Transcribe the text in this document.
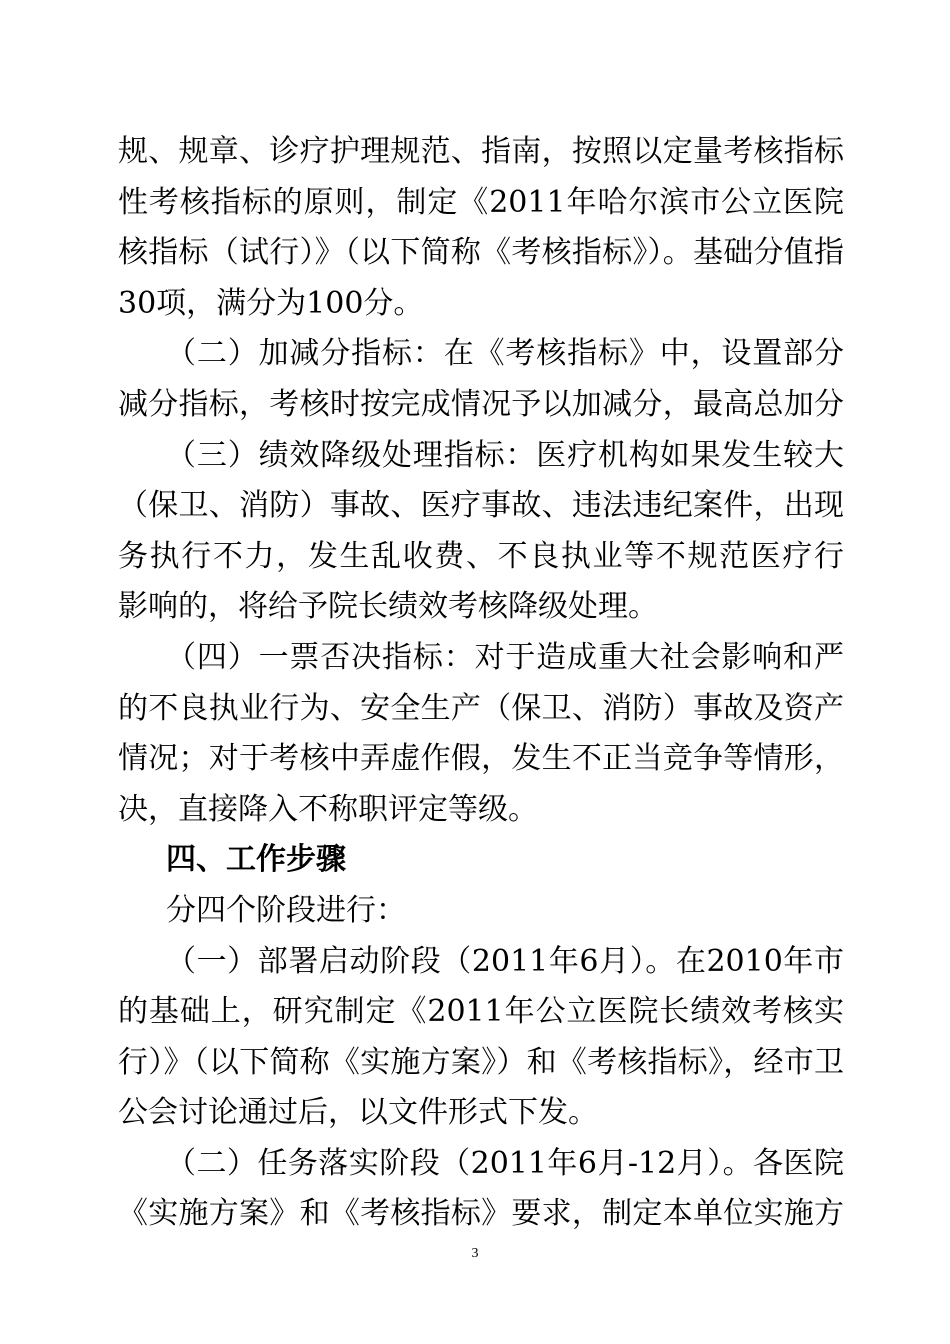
规、规章、诊疗护理规范、指南，按照以定量考核指标
性考核指标的原则，制定《2011年哈尔滨市公立医院
核指标（试行）》（以下简称《考核指标》）。基础分值指
30项，满分为100分。
（二）加减分指标：在《考核指标》中，设置部分
减分指标，考核时按完成情况予以加减分，最高总加分
（三）绩效降级处理指标：医疗机构如果发生较大
（保卫、消防）事故、医疗事故、违法违纪案件，出现
务执行不力，发生乱收费、不良执业等不规范医疗行
影响的，将给予院长绩效考核降级处理。
（四）一票否决指标：对于造成重大社会影响和严
的不良执业行为、安全生产（保卫、消防）事故及资产
情况；对于考核中弄虚作假，发生不正当竞争等情形，
决，直接降入不称职评定等级。
四、工作步骤
分四个阶段进行：
（一）部署启动阶段（2011年6月）。在2010年市
的基础上，研究制定《2011年公立医院长绩效考核实
行）》（以下简称《实施方案》）和《考核指标》，经市卫
公会讨论通过后，以文件形式下发。
（二）任务落实阶段（2011年6月-12月）。各医院
《实施方案》和《考核指标》要求，制定本单位实施方
3
